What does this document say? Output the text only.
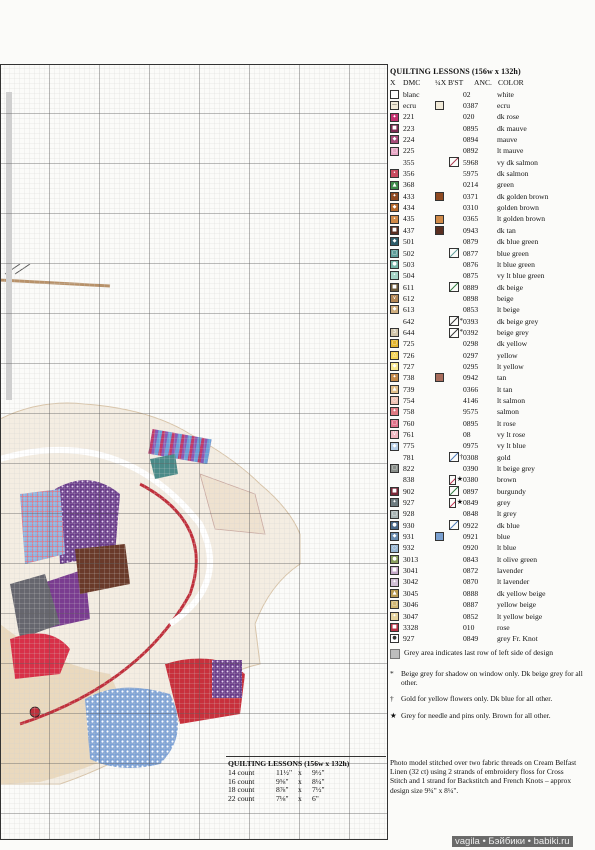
QUILTING LESSONS (156w x 132h)
X DMC	¼X B'ST	ANC. COLOR
blanc	02	white
— ecru	0387	ecru
✦ 221	020	dk rose
■ 223	0895	dk mauve
◆ 224	0894	mauve
□ 225	0892	lt mauve
355	5968	vy dk salmon
• 356	5975	dk salmon
▲ 368	0214	green
✦ 433	0371	dk golden brown
◆ 434	0310	golden brown
• 435	0365	lt golden brown
■ 437	0943	dk tan
◆ 501	0879	dk blue green
□ 502	0877	blue green
● 503	0876	lt blue green
• 504	0875	vy lt blue green
■ 611	0889	dk beige
∨ 612	0898	beige
◆ 613	0853	lt beige
642	* 0393	dk beige grey
3 644	* 0392	beige grey
□ 725	0298	dk yellow
△ 726	0297	yellow
◆ 727	0295	lt yellow
✦ 738	0942	tan
▲ 739	0366	lt tan
○ 754	4146	lt salmon
✦ 758	9575	salmon
□ 760	0895	lt rose
V 761	08	vy lt rose
◆ 775	0975	vy lt blue
781	† 0308	gold
□ 822	0390	lt beige grey
838	★ 0380	brown
■ 902	0897	burgundy
✦ 927	★ 0849	grey
□ 928	0848	lt grey
● 930	0922	dk blue
◆ 931	0921	blue
○ 932	0920	lt blue
● 3013	0843	lt olive green
■ 3041	0872	lavender
✦ 3042	0870	lt lavender
▲ 3045	0888	dk yellow beige
□ 3046	0887	yellow beige
✦ 3047	0852	lt yellow beige
■ 3328	010	rose
● 927	0849	grey Fr. Knot
Grey area indicates last row of left side of design
* Beige grey for shadow on window only. Dk beige grey for all other.
† Gold for yellow flowers only. Dk blue for all other.
★ Grey for needle and pins only. Brown for all other.
QUILTING LESSONS (156w x 132h)
14 count	11½" x	9½"
16 count	9⅝"	x	8¼"
18 count	8⅞"	x	7½"
22 count	7⅛"	x	6"
Photo model stitched over two fabric threads on Cream Belfast Linen (32 ct) using 2 strands of embroidery floss for Cross Stitch and 1 strand for Backstitch and French Knots – approx design size 9¾" x 8¼".
vagila • Бэйбики • babiki.ru
